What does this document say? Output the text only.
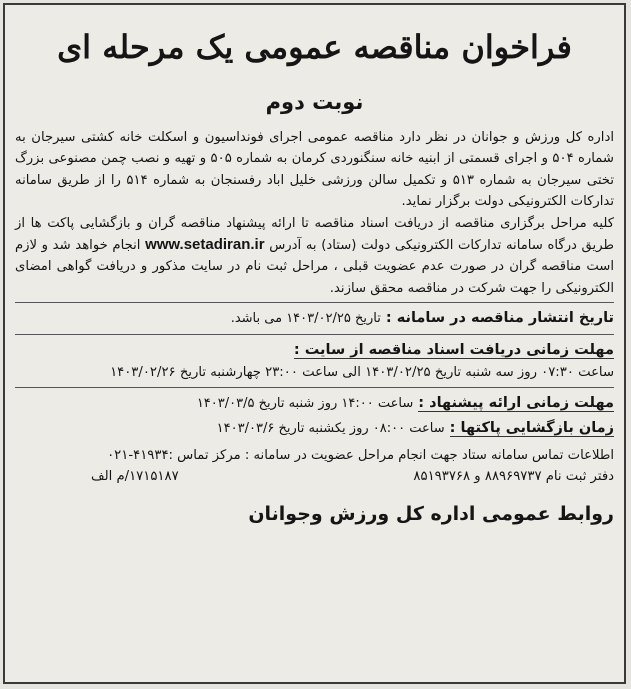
فراخوان مناقصه عمومی یک مرحله ای
نوبت دوم

اداره کل ورزش و جوانان در نظر دارد مناقصه عمومی اجرای فونداسیون و اسکلت خانه کشتی سیرجان به شماره ۵۰۴ و اجرای قسمتی از ابنیه خانه سنگنوردی کرمان به شماره ۵۰۵ و تهیه و نصب چمن مصنوعی بزرگ تختی سیرجان به شماره ۵۱۳ و تکمیل سالن ورزشی خلیل اباد رفسنجان به شماره ۵۱۴ را از طریق سامانه تدارکات الکترونیکی دولت برگزار نماید.

کلیه مراحل برگزاری مناقصه از دریافت اسناد مناقصه تا ارائه پیشنهاد مناقصه گران و بازگشایی پاکت ها از طریق درگاه سامانه تدارکات الکترونیکی دولت (ستاد) به آدرس www.setadiran.ir انجام خواهد شد و لازم است مناقصه گران در صورت عدم عضویت قبلی ، مراحل ثبت نام در سایت مذکور و دریافت گواهی امضای الکترونیکی را جهت شرکت در مناقصه محقق سازند.

تاریخ انتشار مناقصه در سامانه : تاریخ ۱۴۰۳/۰۲/۲۵ می باشد.
مهلت زمانی دریافت اسناد مناقصه از سایت :

ساعت ۰۷:۳۰ روز سه شنبه تاریخ ۱۴۰۳/۰۲/۲۵ الی ساعت ۲۳:۰۰ چهارشنبه تاریخ ۱۴۰۳/۰۲/۲۶

مهلت زمانی ارائه پیشنهاد : ساعت ۱۴:۰۰ روز شنبه تاریخ ۱۴۰۳/۰۳/۵
زمان بازگشایی پاکتها : ساعت ۰۸:۰۰ روز یکشنبه تاریخ ۱۴۰۳/۰۳/۶

اطلاعات تماس سامانه ستاد جهت انجام مراحل عضویت در سامانه : مرکز تماس :۴۱۹۳۴-۰۲۱

دفتر ثبت نام ۸۸۹۶۹۷۳۷ و ۸۵۱۹۳۷۶۸                                                        ۱۷۱۵۱۸۷/م الف

روابط عمومی اداره کل ورزش وجوانان
